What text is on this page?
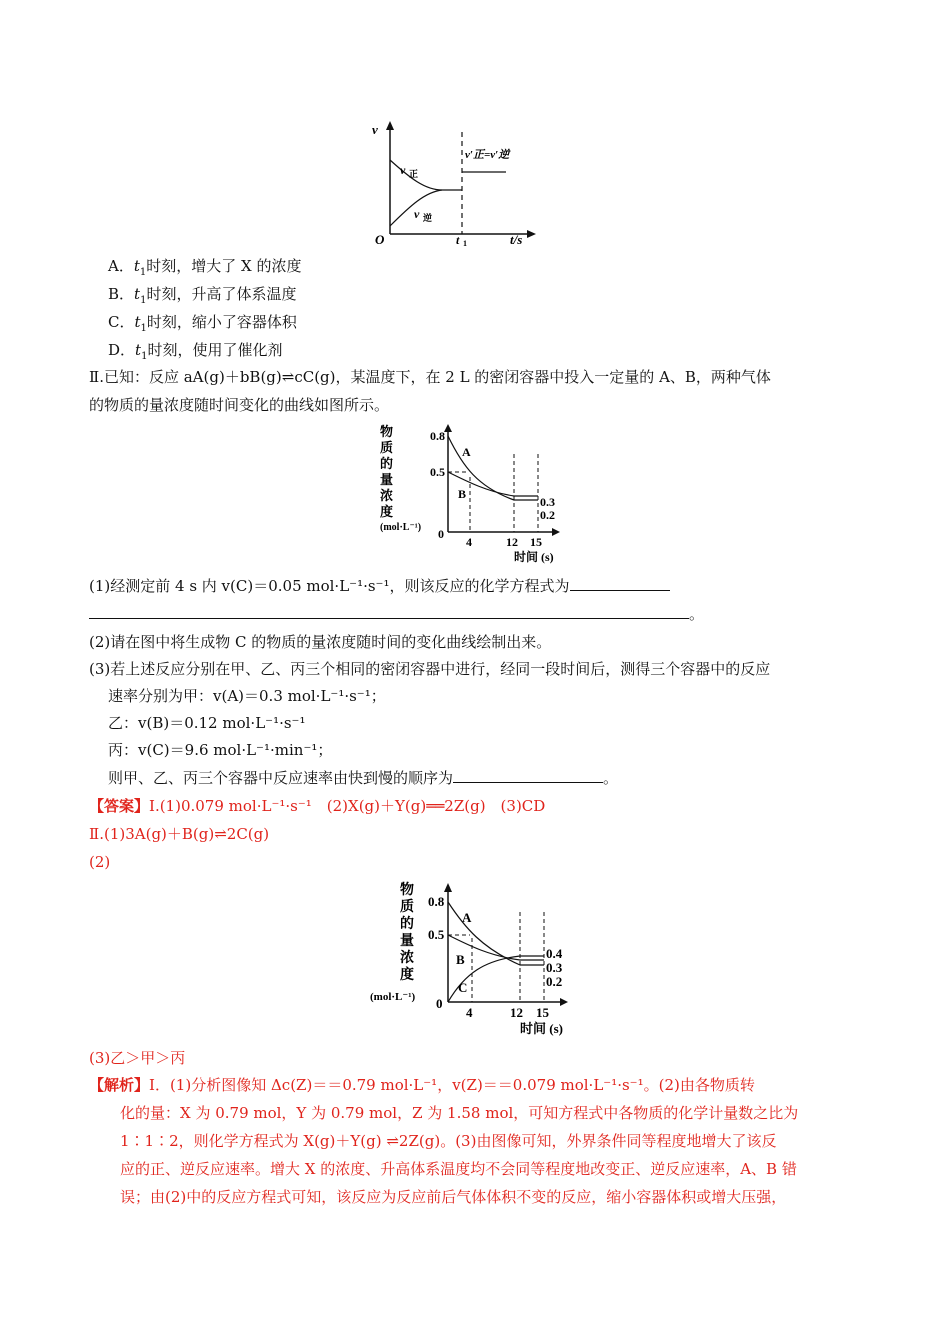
v
v 正
v 逆
v′正=v′逆
O	t 1	t/s
A．$t_1$时刻，增大了 X 的浓度
B．$t_1$时刻，升高了体系温度
C．$t_1$时刻，缩小了容器体积
D．$t_1$时刻，使用了催化剂
Ⅱ.已知：反应 aA(g)＋bB(g)⇌cC(g)，某温度下，在 2 L 的密闭容器中投入一定量的 A、B，两种气体
的物质的量浓度随时间变化的曲线如图所示。
物
质
的
量
浓
度
(mol·L⁻¹)
0.8
0.5
0
4	12 15
时间 (s)
A
B
0.3
0.2
(1)经测定前 4 s 内 v(C)＝0.05 mol·L⁻¹·s⁻¹，则该反应的化学方程式为
。
(2)请在图中将生成物 C 的物质的量浓度随时间的变化曲线绘制出来。
(3)若上述反应分别在甲、乙、丙三个相同的密闭容器中进行，经同一段时间后，测得三个容器中的反应
速率分别为甲：v(A)＝0.3 mol·L⁻¹·s⁻¹；
乙：v(B)＝0.12 mol·L⁻¹·s⁻¹
丙：v(C)＝9.6 mol·L⁻¹·min⁻¹；
则甲、乙、丙三个容器中反应速率由快到慢的顺序为	。
【答案】Ⅰ.(1)0.079 mol·L⁻¹·s⁻¹　(2)X(g)＋Y(g)══2Z(g)　(3)CD
Ⅱ.(1)3A(g)＋B(g)⇌2C(g)
(2)
物
质
的
量
浓
度
(mol·L⁻¹)
0.8
0.5
0
4	12 15
时间 (s)
A
B
C
0.4
0.3
0.2
(3)乙＞甲＞丙
【解析】Ⅰ．(1)分析图像知 Δc(Z)＝＝0.79 mol·L⁻¹，v(Z)＝＝0.079 mol·L⁻¹·s⁻¹。(2)由各物质转
化的量：X 为 0.79 mol，Y 为 0.79 mol，Z 为 1.58 mol，可知方程式中各物质的化学计量数之比为
1∶1∶2，则化学方程式为 X(g)＋Y(g) ⇌2Z(g)。(3)由图像可知，外界条件同等程度地增大了该反
应的正、逆反应速率。增大 X 的浓度、升高体系温度均不会同等程度地改变正、逆反应速率，A、B 错
误；由(2)中的反应方程式可知，该反应为反应前后气体体积不变的反应，缩小容器体积或增大压强，
